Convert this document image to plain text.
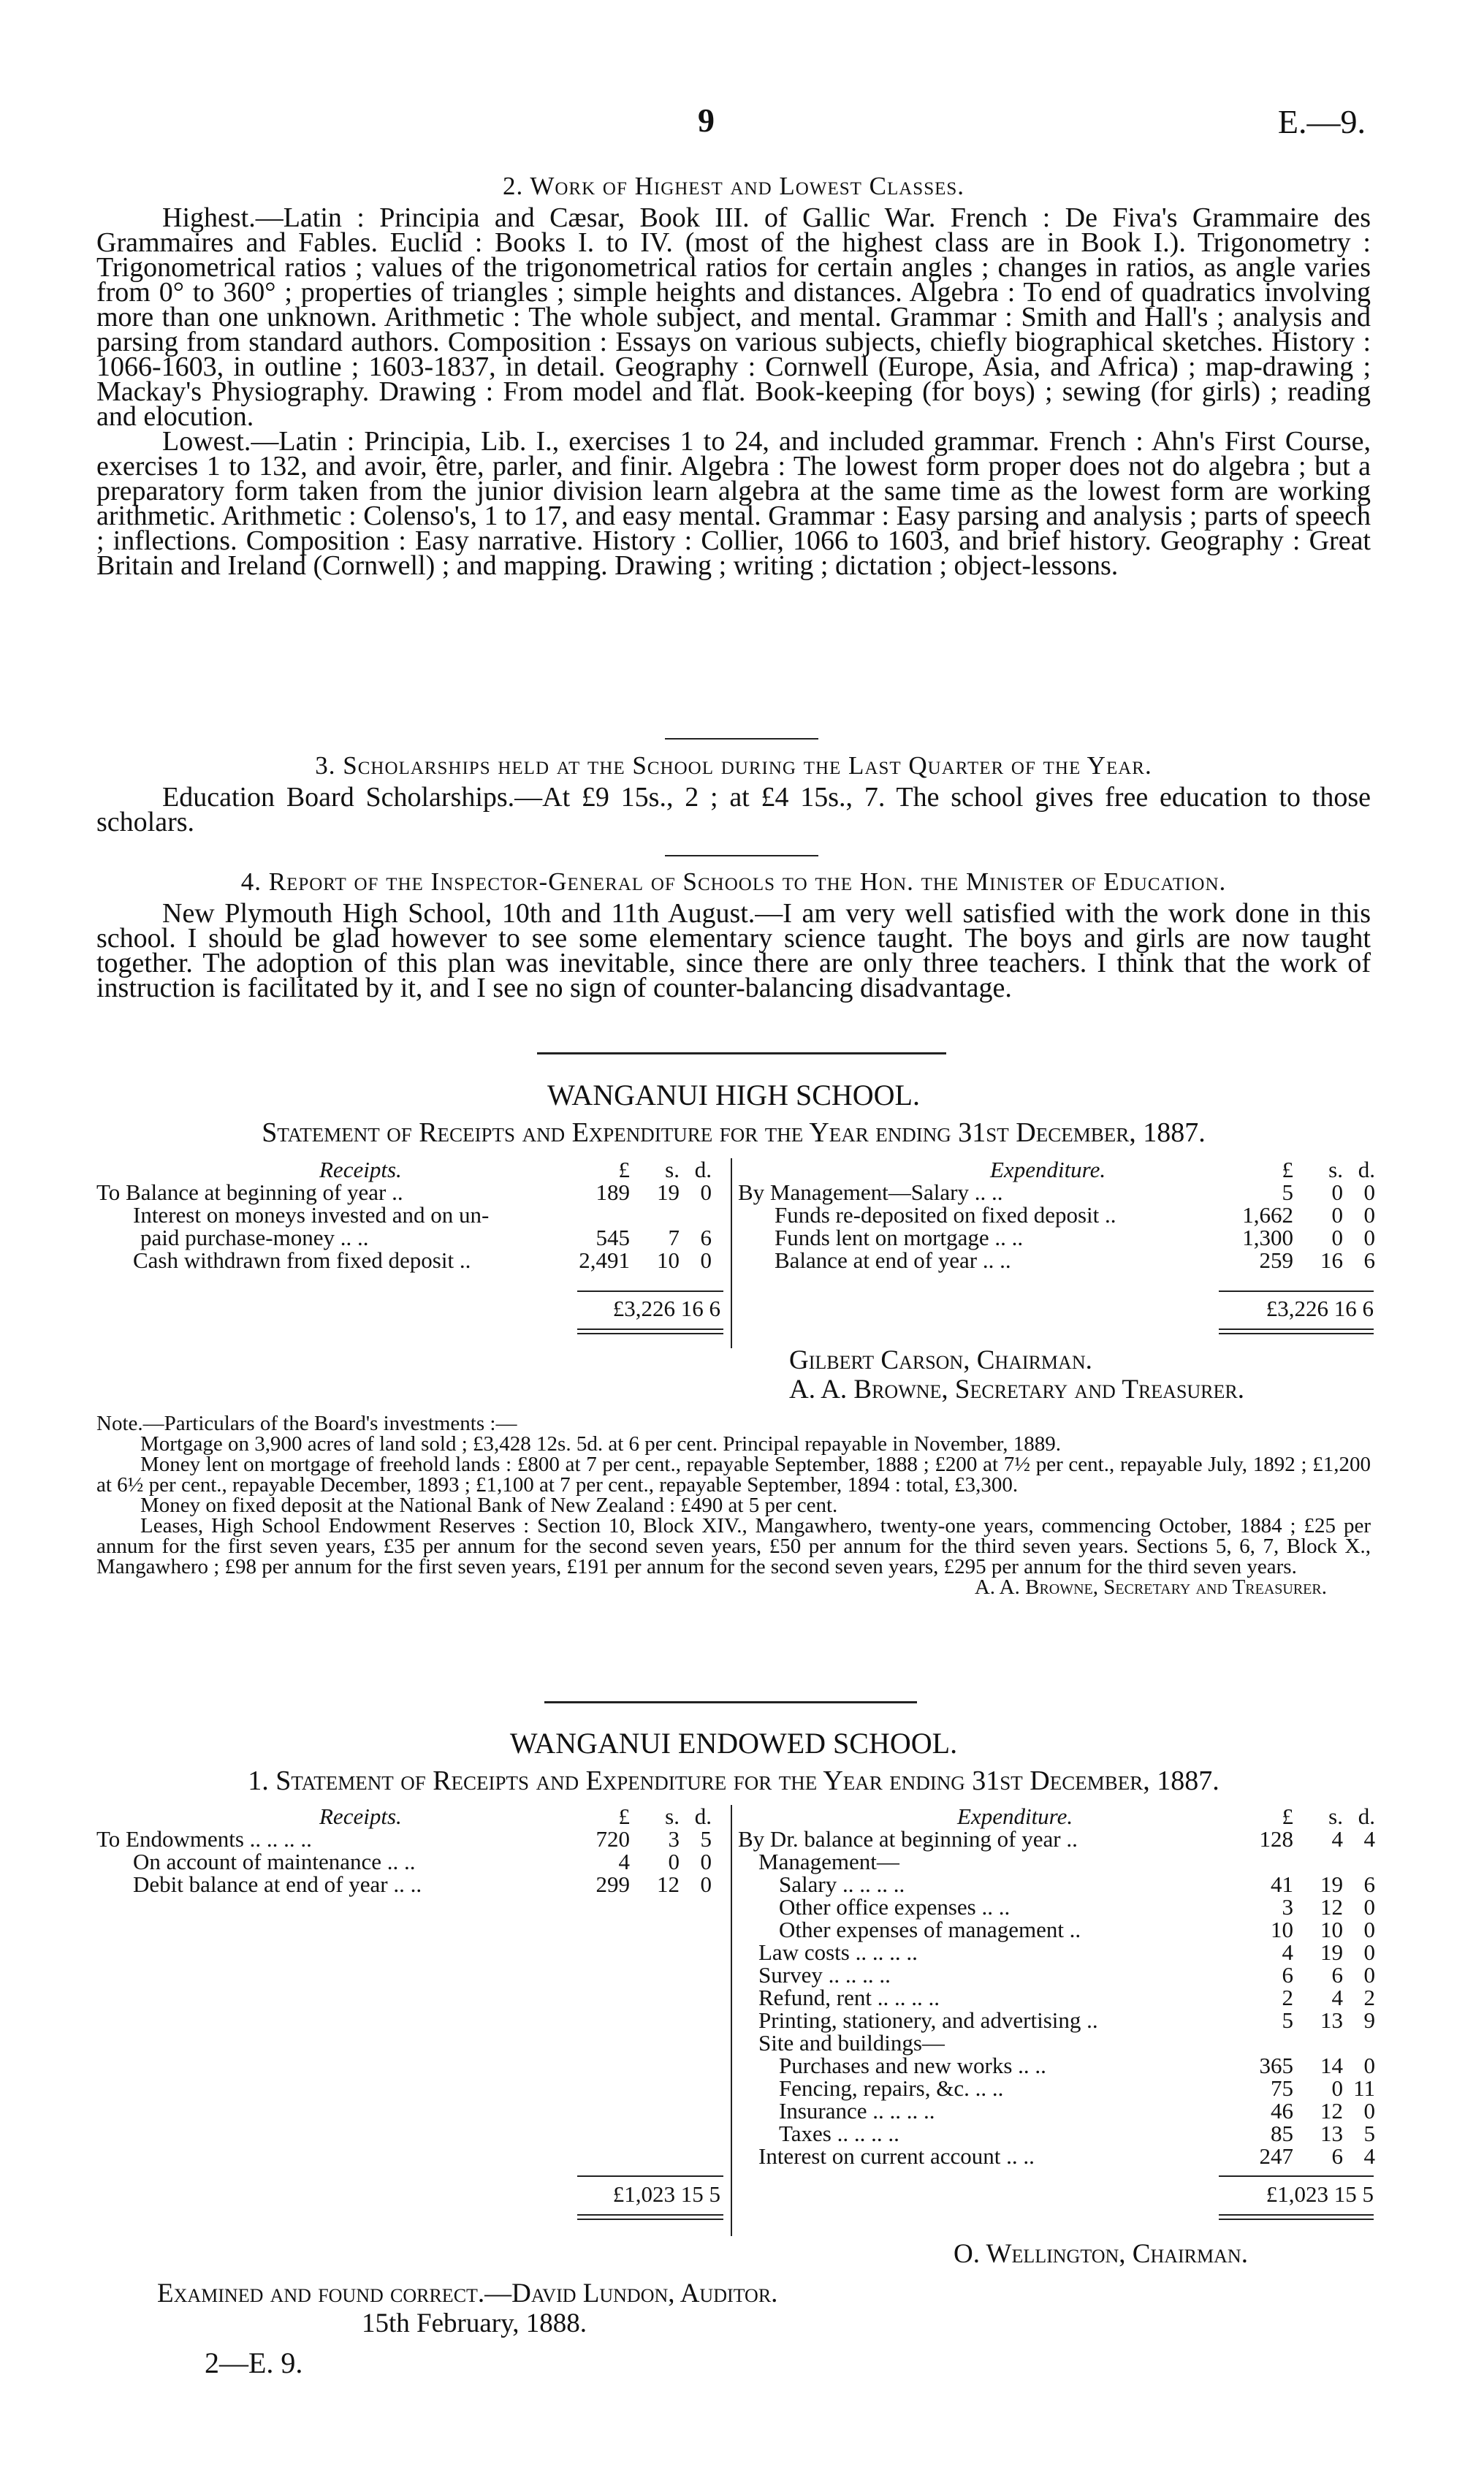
9	E.—9.

2. Work of Highest and Lowest Classes.

Highest.—Latin : Principia and Cæsar, Book III. of Gallic War. French : De Fiva's Grammaire des Grammaires and Fables. Euclid : Books I. to IV. (most of the highest class are in Book I.). Trigonometry : Trigonometrical ratios ; values of the trigonometrical ratios for certain angles ; changes in ratios, as angle varies from 0° to 360° ; properties of triangles ; simple heights and distances. Algebra : To end of quadratics involving more than one unknown. Arithmetic : The whole subject, and mental. Grammar : Smith and Hall's ; analysis and parsing from standard authors. Composition : Essays on various subjects, chiefly biographical sketches. History : 1066-1603, in outline ; 1603-1837, in detail. Geography : Cornwell (Europe, Asia, and Africa) ; map-drawing ; Mackay's Physiography. Drawing : From model and flat. Book-keeping (for boys) ; sewing (for girls) ; reading and elocution.

Lowest.—Latin : Principia, Lib. I., exercises 1 to 24, and included grammar. French : Ahn's First Course, exercises 1 to 132, and avoir, être, parler, and finir. Algebra : The lowest form proper does not do algebra ; but a preparatory form taken from the junior division learn algebra at the same time as the lowest form are working arithmetic. Arithmetic : Colenso's, 1 to 17, and easy mental. Grammar : Easy parsing and analysis ; parts of speech ; inflections. Composition : Easy narrative. History : Collier, 1066 to 1603, and brief history. Geography : Great Britain and Ireland (Cornwell) ; and mapping. Drawing ; writing ; dictation ; object-lessons.

3. Scholarships held at the School during the Last Quarter of the Year.

Education Board Scholarships.—At £9 15s., 2 ; at £4 15s., 7. The school gives free education to those scholars.

4. Report of the Inspector-General of Schools to the Hon. the Minister of Education.

New Plymouth High School, 10th and 11th August.—I am very well satisfied with the work done in this school. I should be glad however to see some elementary science taught. The boys and girls are now taught together. The adoption of this plan was inevitable, since there are only three teachers. I think that the work of instruction is facilitated by it, and I see no sign of counter-balancing disadvantage.

WANGANUI HIGH SCHOOL.

Statement of Receipts and Expenditure for the Year ending 31st December, 1887.

Receipts.	£ s. d.
To Balance at beginning of year ..	189 19 0
Interest on moneys invested and on un-
paid purchase-money .. ..	545 7 6
Cash withdrawn from fixed deposit ..	2,491 10 0
Expenditure.	£ s. d.
By Management—Salary .. ..	5 0 0
Funds re-deposited on fixed deposit ..	1,662 0 0
Funds lent on mortgage .. ..	1,300 0 0
Balance at end of year .. ..	259 16 6
£3,226 16 6	£3,226 16 6
Gilbert Carson, Chairman.
A. A. Browne, Secretary and Treasurer.

Note.—Particulars of the Board's investments :—

Mortgage on 3,900 acres of land sold ; £3,428 12s. 5d. at 6 per cent. Principal repayable in November, 1889.

Money lent on mortgage of freehold lands : £800 at 7 per cent., repayable September, 1888 ; £200 at 7½ per cent., repayable July, 1892 ; £1,200 at 6½ per cent., repayable December, 1893 ; £1,100 at 7 per cent., repayable September, 1894 : total, £3,300.

Money on fixed deposit at the National Bank of New Zealand : £490 at 5 per cent.

Leases, High School Endowment Reserves : Section 10, Block XIV., Mangawhero, twenty-one years, commencing October, 1884 ; £25 per annum for the first seven years, £35 per annum for the second seven years, £50 per annum for the third seven years. Sections 5, 6, 7, Block X., Mangawhero ; £98 per annum for the first seven years, £191 per annum for the second seven years, £295 per annum for the third seven years.

A. A. Browne, Secretary and Treasurer.

WANGANUI ENDOWED SCHOOL.

1. Statement of Receipts and Expenditure for the Year ending 31st December, 1887.

Receipts.	£ s. d.
To Endowments .. .. .. ..	720 3 5
On account of maintenance .. ..	4 0 0
Debit balance at end of year .. ..	299 12 0
Expenditure.	£ s. d.
By Dr. balance at beginning of year ..	128 4 4
Management—
Salary .. .. .. ..	41 19 6
Other office expenses .. ..	3 12 0
Other expenses of management ..	10 10 0
Law costs .. .. .. ..	4 19 0
Survey .. .. .. ..	6 6 0
Refund, rent .. .. .. ..	2 4 2
Printing, stationery, and advertising ..	5 13 9
Site and buildings—
Purchases and new works .. ..	365 14 0
Fencing, repairs, &c. .. ..	75 0 11
Insurance .. .. .. ..	46 12 0
Taxes .. .. .. ..	85 13 5
Interest on current account .. ..	247 6 4
£1,023 15 5	£1,023 15 5
O. Wellington, Chairman.
Examined and found correct.—David Lundon, Auditor.
15th February, 1888.
2—E. 9.
